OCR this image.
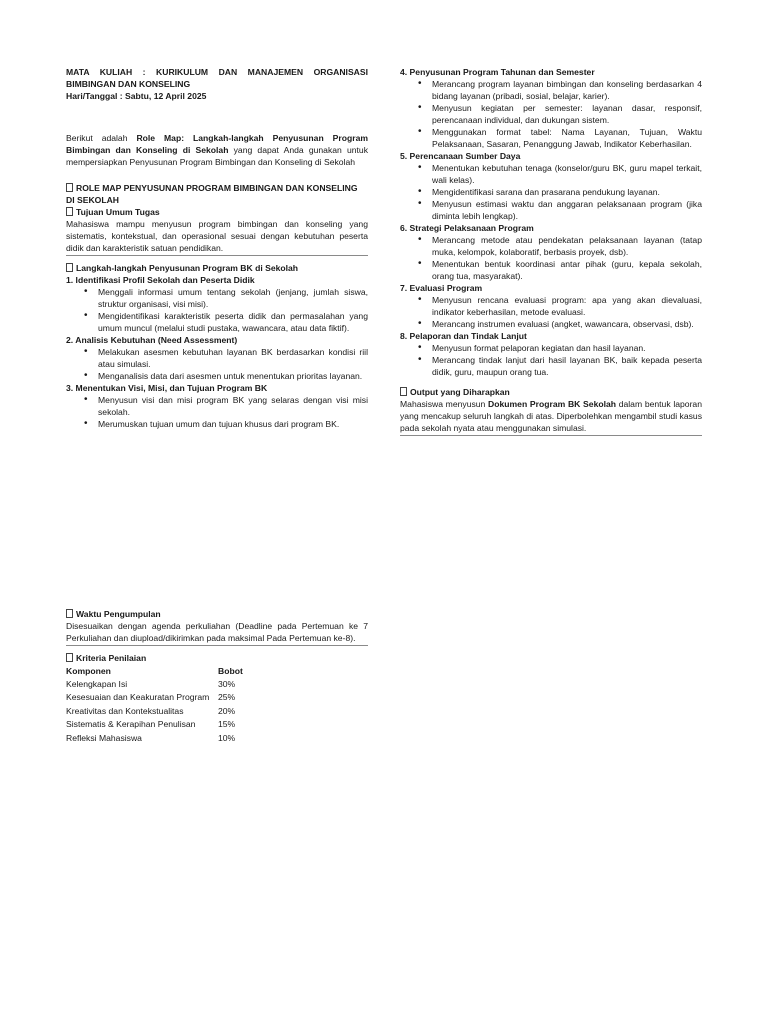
MATA KULIAH : KURIKULUM DAN MANAJEMEN ORGANISASI BIMBINGAN DAN KONSELING

Hari/Tanggal : Sabtu, 12 April 2025

Berikut adalah Role Map: Langkah-langkah Penyusunan Program Bimbingan dan Konseling di Sekolah yang dapat Anda gunakan untuk mempersiapkan Penyusunan Program Bimbingan dan Konseling di Sekolah

ROLE MAP PENYUSUNAN PROGRAM BIMBINGAN DAN KONSELING DI SEKOLAH

Tujuan Umum Tugas

Mahasiswa mampu menyusun program bimbingan dan konseling yang sistematis, kontekstual, dan operasional sesuai dengan kebutuhan peserta didik dan karakteristik satuan pendidikan.

Langkah-langkah Penyusunan Program BK di Sekolah

1. Identifikasi Profil Sekolah dan Peserta Didik

• Menggali informasi umum tentang sekolah (jenjang, jumlah siswa, struktur organisasi, visi misi).
• Mengidentifikasi karakteristik peserta didik dan permasalahan yang umum muncul (melalui studi pustaka, wawancara, atau data fiktif).

2. Analisis Kebutuhan (Need Assessment)

• Melakukan asesmen kebutuhan layanan BK berdasarkan kondisi riil atau simulasi.
• Menganalisis data dari asesmen untuk menentukan prioritas layanan.

3. Menentukan Visi, Misi, dan Tujuan Program BK

• Menyusun visi dan misi program BK yang selaras dengan visi misi sekolah.
• Merumuskan tujuan umum dan tujuan khusus dari program BK.

4. Penyusunan Program Tahunan dan Semester

• Merancang program layanan bimbingan dan konseling berdasarkan 4 bidang layanan (pribadi, sosial, belajar, karier).
• Menyusun kegiatan per semester: layanan dasar, responsif, perencanaan individual, dan dukungan sistem.
• Menggunakan format tabel: Nama Layanan, Tujuan, Waktu Pelaksanaan, Sasaran, Penanggung Jawab, Indikator Keberhasilan.

5. Perencanaan Sumber Daya

• Menentukan kebutuhan tenaga (konselor/guru BK, guru mapel terkait, wali kelas).
• Mengidentifikasi sarana dan prasarana pendukung layanan.
• Menyusun estimasi waktu dan anggaran pelaksanaan program (jika diminta lebih lengkap).

6. Strategi Pelaksanaan Program

• Merancang metode atau pendekatan pelaksanaan layanan (tatap muka, kelompok, kolaboratif, berbasis proyek, dsb).
• Menentukan bentuk koordinasi antar pihak (guru, kepala sekolah, orang tua, masyarakat).

7. Evaluasi Program

• Menyusun rencana evaluasi program: apa yang akan dievaluasi, indikator keberhasilan, metode evaluasi.
• Merancang instrumen evaluasi (angket, wawancara, observasi, dsb).

8. Pelaporan dan Tindak Lanjut

• Menyusun format pelaporan kegiatan dan hasil layanan.
• Merancang tindak lanjut dari hasil layanan BK, baik kepada peserta didik, guru, maupun orang tua.

Output yang Diharapkan

Mahasiswa menyusun Dokumen Program BK Sekolah dalam bentuk laporan yang mencakup seluruh langkah di atas. Diperbolehkan mengambil studi kasus pada sekolah nyata atau menggunakan simulasi.

Waktu Pengumpulan

Disesuaikan dengan agenda perkuliahan (Deadline pada Pertemuan ke 7 Perkuliahan dan diupload/dikirimkan pada maksimal Pada Pertemuan ke-8).

Kriteria Penilaian

Komponen	Bobot
Kelengkapan Isi	30%
Kesesuaian dan Keakuratan Program	25%
Kreativitas dan Kontekstualitas	20%
Sistematis & Kerapihan Penulisan	15%
Refleksi Mahasiswa	10%
